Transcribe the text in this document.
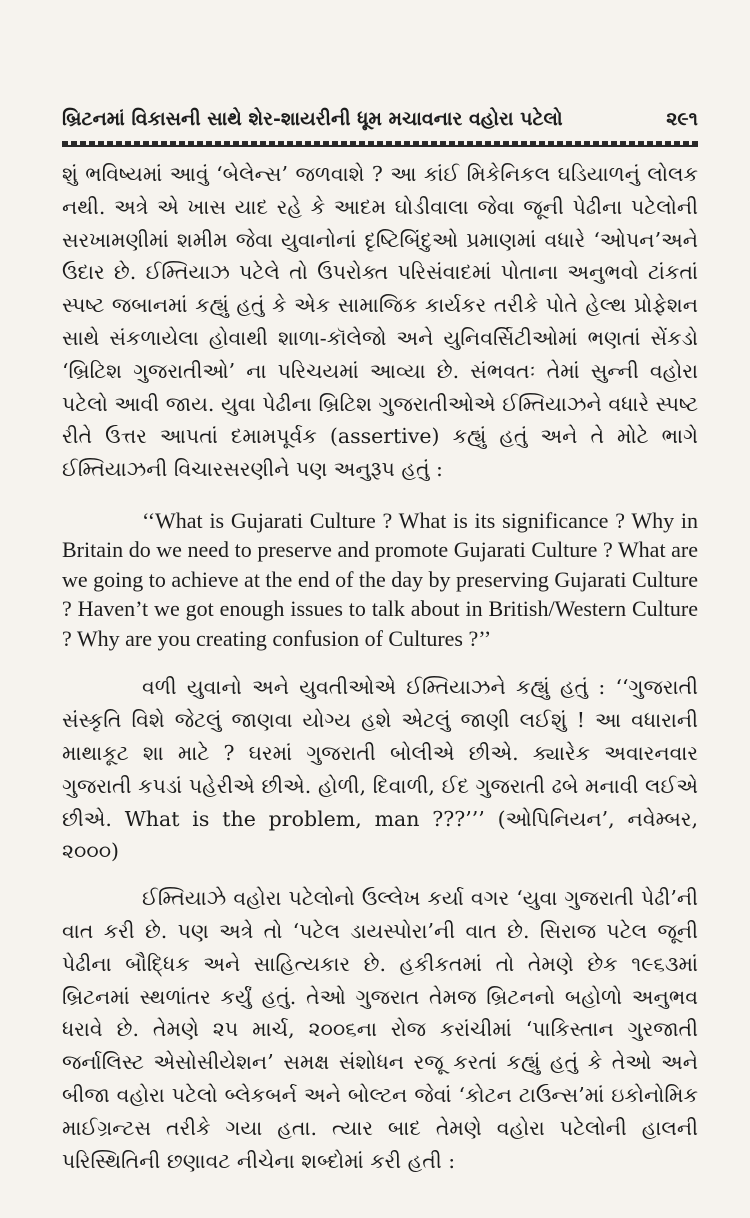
બ્રિટનમાં વિકાસની સાથે શેર-શાયરીની ધૂમ મચાવનાર વહોરા પટેલો	૨૯૧

શું ભવિષ્યમાં આવું ‘બેલેન્સ’ જળવાશે ? આ કાંઈ મિકેનિકલ ઘડિયાળનું લોલક નથી. અત્રે એ ખાસ યાદ રહે કે આદમ ઘોડીવાલા જેવા જૂની પેઢીના પટેલોની સરખામણીમાં શમીમ જેવા યુવાનોનાં દૃષ્ટિબિંદુઓ પ્રમાણમાં વધારે ‘ઓપન’અને ઉદાર છે. ઈમ્તિયાઝ પટેલે તો ઉપરોક્ત પરિસંવાદમાં પોતાના અનુભવો ટાંકતાં સ્પષ્ટ જબાનમાં કહ્યું હતું કે એક સામાજિક કાર્યકર તરીકે પોતે હેલ્થ પ્રોફેશન સાથે સંકળાયેલા હોવાથી શાળા-કૉલેજો અને યુનિવર્સિટીઓમાં ભણતાં સેંકડો ‘બ્રિટિશ ગુજરાતીઓ’ ના પરિચયમાં આવ્યા છે. સંભવતઃ તેમાં સુન્ની વહોરા પટેલો આવી જાય. યુવા પેઢીના બ્રિટિશ ગુજરાતીઓએ ઈમ્તિયાઝને વધારે સ્પષ્ટ રીતે ઉત્તર આપતાં દમામપૂર્વક (assertive) કહ્યું હતું અને તે મોટે ભાગે ઈમ્તિયાઝની વિચારસરણીને પણ અનુરૂપ હતું :

‘‘What is Gujarati Culture ? What is its significance ? Why in Britain do we need to preserve and promote Gujarati Culture ? What are we going to achieve at the end of the day by preserving Gujarati Culture ? Haven’t we got enough issues to talk about in British/Western Culture ? Why are you creating confusion of Cultures ?’’

વળી યુવાનો અને યુવતીઓએ ઈમ્તિયાઝને કહ્યું હતું : ‘‘ગુજરાતી સંસ્કૃતિ વિશે જેટલું જાણવા યોગ્ય હશે એટલું જાણી લઈશું ! આ વધારાની માથાકૂટ શા માટે ? ઘરમાં ગુજરાતી બોલીએ છીએ. ક્યારેક અવારનવાર ગુજરાતી કપડાં પહેરીએ છીએ. હોળી, દિવાળી, ઈદ ગુજરાતી ઢબે મનાવી લઈએ છીએ. What is the problem, man ???’’’ (ઓપિનિયન’, નવેમ્બર, ૨૦૦૦)

ઈમ્તિયાઝે વહોરા પટેલોનો ઉલ્લેખ કર્યા વગર ‘યુવા ગુજરાતી પેઢી’ની વાત કરી છે. પણ અત્રે તો ‘પટેલ ડાયસ્પોરા’ની વાત છે. સિરાજ પટેલ જૂની પેઢીના બૌદ્ધિક અને સાહિત્યકાર છે. હકીકતમાં તો તેમણે છેક ૧૯૬૩માં બ્રિટનમાં સ્થળાંતર કર્યું હતું. તેઓ ગુજરાત તેમજ બ્રિટનનો બહોળો અનુભવ ધરાવે છે. તેમણે ૨૫ માર્ચ, ૨૦૦૬ના રોજ કરાંચીમાં ‘પાકિસ્તાન ગુરજાતી જર્નાલિસ્ટ એસોસીયેશન’ સમક્ષ સંશોધન રજૂ કરતાં કહ્યું હતું કે તેઓ અને બીજા વહોરા પટેલો બ્લેકબર્ન અને બોલ્ટન જેવાં ‘કોટન ટાઉન્સ’માં ઇકોનોમિક માઈગ્રન્ટસ તરીકે ગયા હતા. ત્યાર બાદ તેમણે વહોરા પટેલોની હાલની પરિસ્થિતિની છણાવટ નીચેના શબ્દોમાં કરી હતી :
